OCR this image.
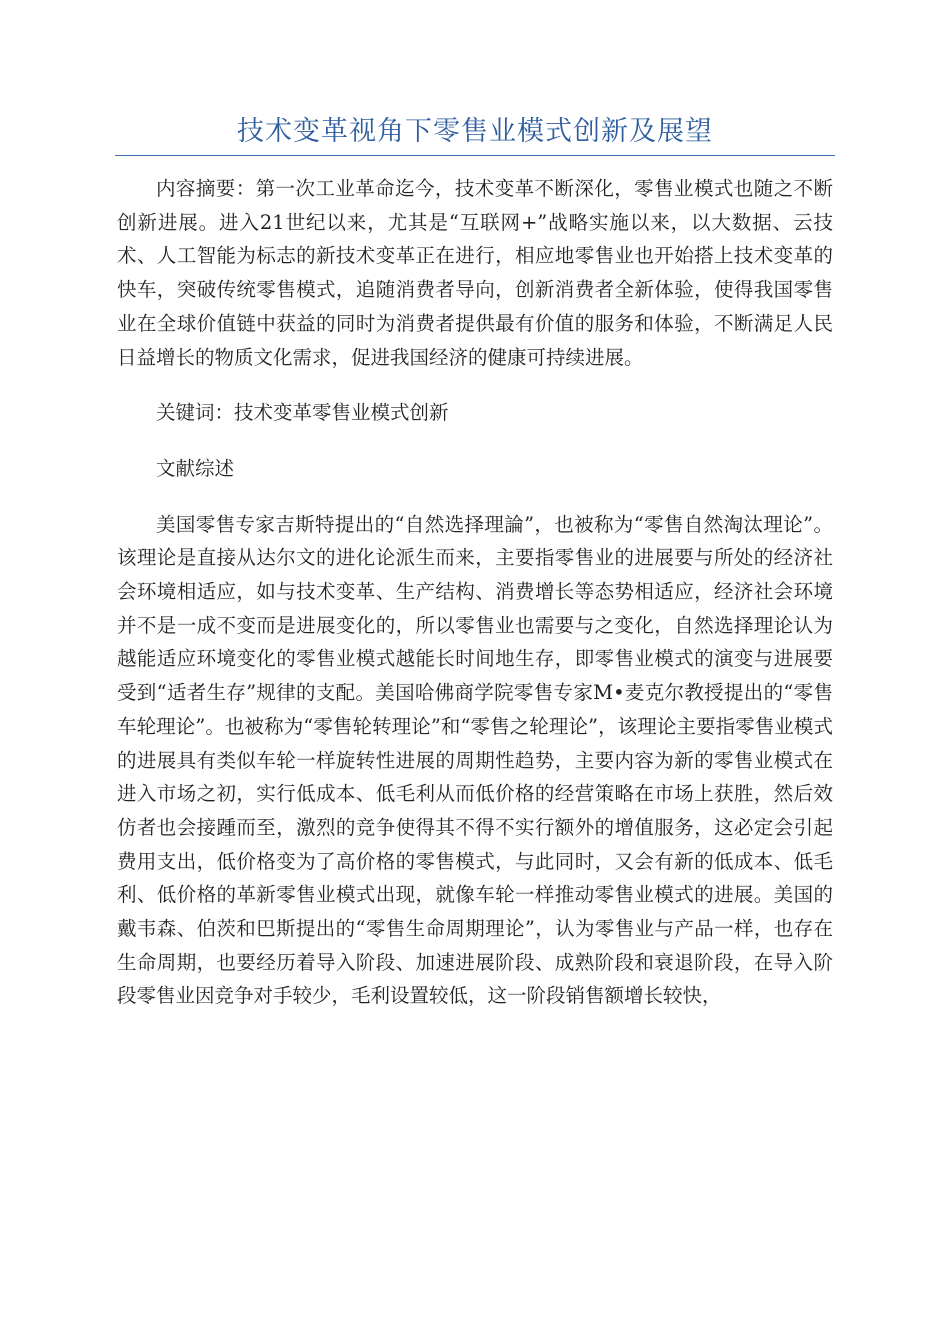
技术变革视角下零售业模式创新及展望

内容摘要：第一次工业革命迄今，技术变革不断深化，零售业模式也随之不断创新进展。进入21世纪以来，尤其是“互联网+”战略实施以来，以大数据、云技术、人工智能为标志的新技术变革正在进行，相应地零售业也开始搭上技术变革的快车，突破传统零售模式，追随消费者导向，创新消费者全新体验，使得我国零售业在全球价值链中获益的同时为消费者提供最有价值的服务和体验，不断满足人民日益增长的物质文化需求，促进我国经济的健康可持续进展。

关键词：技术变革零售业模式创新

文献综述

美国零售专家吉斯特提出的“自然选择理論”，也被称为“零售自然淘汰理论”。该理论是直接从达尔文的进化论派生而来，主要指零售业的进展要与所处的经济社会环境相适应，如与技术变革、生产结构、消费增长等态势相适应，经济社会环境并不是一成不变而是进展变化的，所以零售业也需要与之变化，自然选择理论认为越能适应环境变化的零售业模式越能长时间地生存，即零售业模式的演变与进展要受到“适者生存”规律的支配。美国哈佛商学院零售专家M•麦克尔教授提出的“零售车轮理论”。也被称为“零售轮转理论”和“零售之轮理论”，该理论主要指零售业模式的进展具有类似车轮一样旋转性进展的周期性趋势，主要内容为新的零售业模式在进入市场之初，实行低成本、低毛利从而低价格的经营策略在市场上获胜，然后效仿者也会接踵而至，激烈的竞争使得其不得不实行额外的增值服务，这必定会引起费用支出，低价格变为了高价格的零售模式，与此同时，又会有新的低成本、低毛利、低价格的革新零售业模式出现，就像车轮一样推动零售业模式的进展。美国的戴韦森、伯茨和巴斯提出的“零售生命周期理论”，认为零售业与产品一样，也存在生命周期，也要经历着导入阶段、加速进展阶段、成熟阶段和衰退阶段，在导入阶段零售业因竞争对手较少，毛利设置较低，这一阶段销售额增长较快，
